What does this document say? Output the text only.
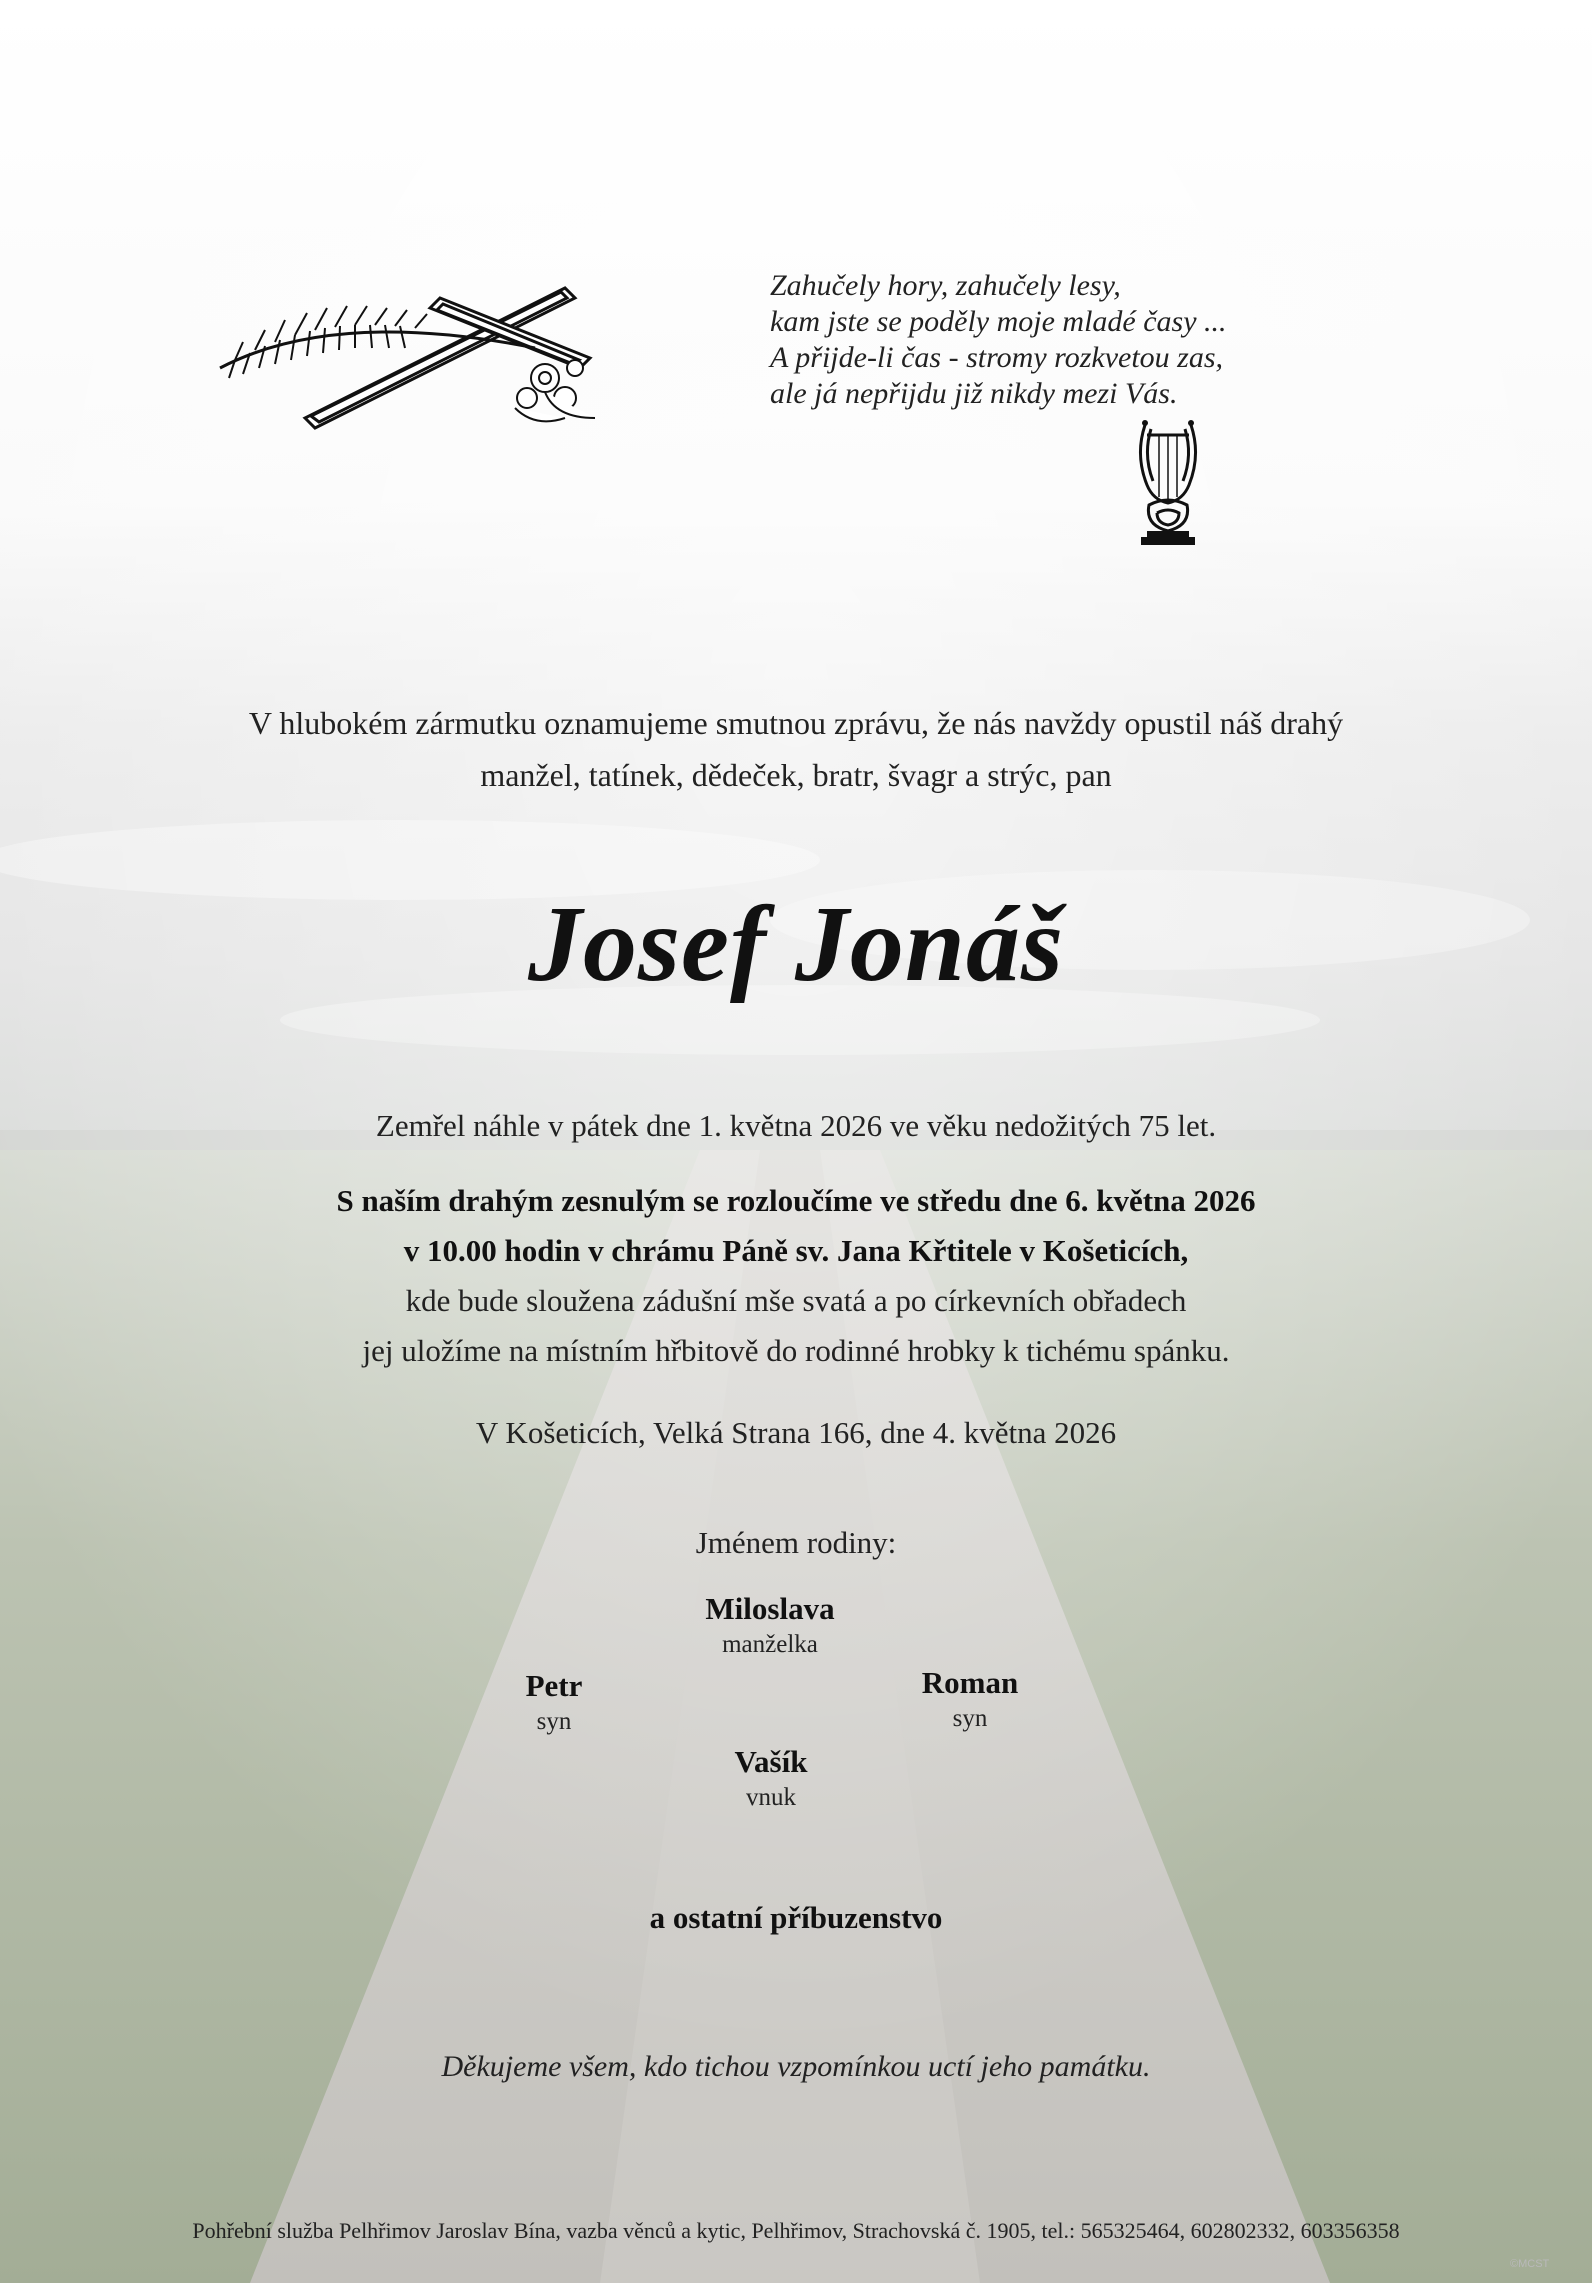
Zahučely hory, zahučely lesy,
kam jste se poděly moje mladé časy ...
A přijde-li čas - stromy rozkvetou zas,
ale já nepřijdu již nikdy mezi Vás.
V hlubokém zármutku oznamujeme smutnou zprávu, že nás navždy opustil náš drahý
manžel, tatínek, dědeček, bratr, švagr a strýc, pan
Josef Jonáš
Zemřel náhle v pátek dne 1. května 2026 ve věku nedožitých 75 let.
S naším drahým zesnulým se rozloučíme ve středu dne 6. května 2026
v 10.00 hodin v chrámu Páně sv. Jana Křtitele v Košeticích,
kde bude sloužena zádušní mše svatá a po církevních obřadech
jej uložíme na místním hřbitově do rodinné hrobky k tichému spánku.
V Košeticích, Velká Strana 166, dne 4. května 2026
Jménem rodiny:
Miloslava
manželka
Petr
syn
Roman
syn
Vašík
vnuk
a ostatní příbuzenstvo
Děkujeme všem, kdo tichou vzpomínkou uctí jeho památku.
Pohřební služba Pelhřimov Jaroslav Bína, vazba věnců a kytic, Pelhřimov, Strachovská č. 1905, tel.: 565325464, 602802332, 603356358
©MCST
